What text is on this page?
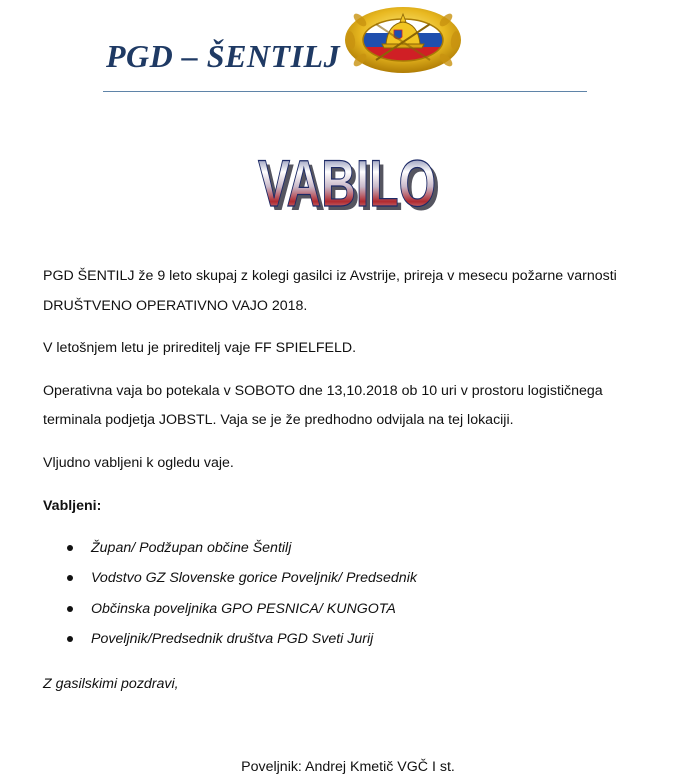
PGD – ŠENTILJ
VABILO
VABILO

PGD ŠENTILJ že 9 leto skupaj z kolegi gasilci iz Avstrije, prireja v mesecu požarne varnosti

DRUŠTVENO OPERATIVNO VAJO 2018.

V letošnjem letu je prireditelj vaje FF SPIELFELD.

Operativna vaja bo potekala v SOBOTO dne 13,10.2018 ob 10 uri v prostoru logističnega

terminala podjetja JOBSTL. Vaja se je že predhodno odvijala na tej lokaciji.

Vljudno vabljeni k ogledu vaje.

Vabljeni:

Župan/ Podžupan občine Šentilj
Vodstvo GZ Slovenske gorice Poveljnik/ Predsednik
Občinska poveljnika GPO PESNICA/ KUNGOTA
Poveljnik/Predsednik društva PGD Sveti Jurij

Z gasilskimi pozdravi,

Poveljnik: Andrej Kmetič VGČ I st.
